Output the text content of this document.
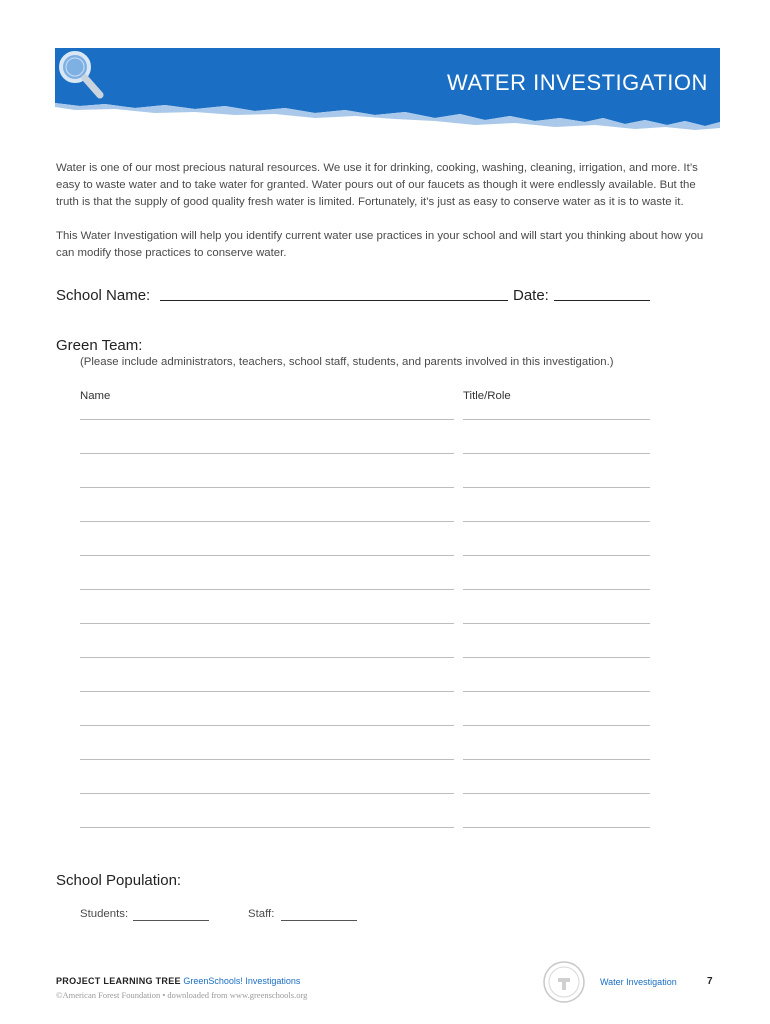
WATER INVESTIGATION

Water is one of our most precious natural resources. We use it for drinking, cooking, washing, cleaning, irrigation, and more. It’s easy to waste water and to take water for granted. Water pours out of our faucets as though it were endlessly available. But the truth is that the supply of good quality fresh water is limited. Fortunately, it’s just as easy to conserve water as it is to waste it.

This Water Investigation will help you identify current water use practices in your school and will start you thinking about how you can modify those practices to conserve water.

School Name:	Date:
Green Team:
(Please include administrators, teachers, school staff, students, and parents involved in this investigation.)
Name	Title/Role
School Population:
Students:	Staff:
PROJECT LEARNING TREE GreenSchools! Investigations
©American Forest Foundation • downloaded from www.greenschools.org
Water Investigation	7
